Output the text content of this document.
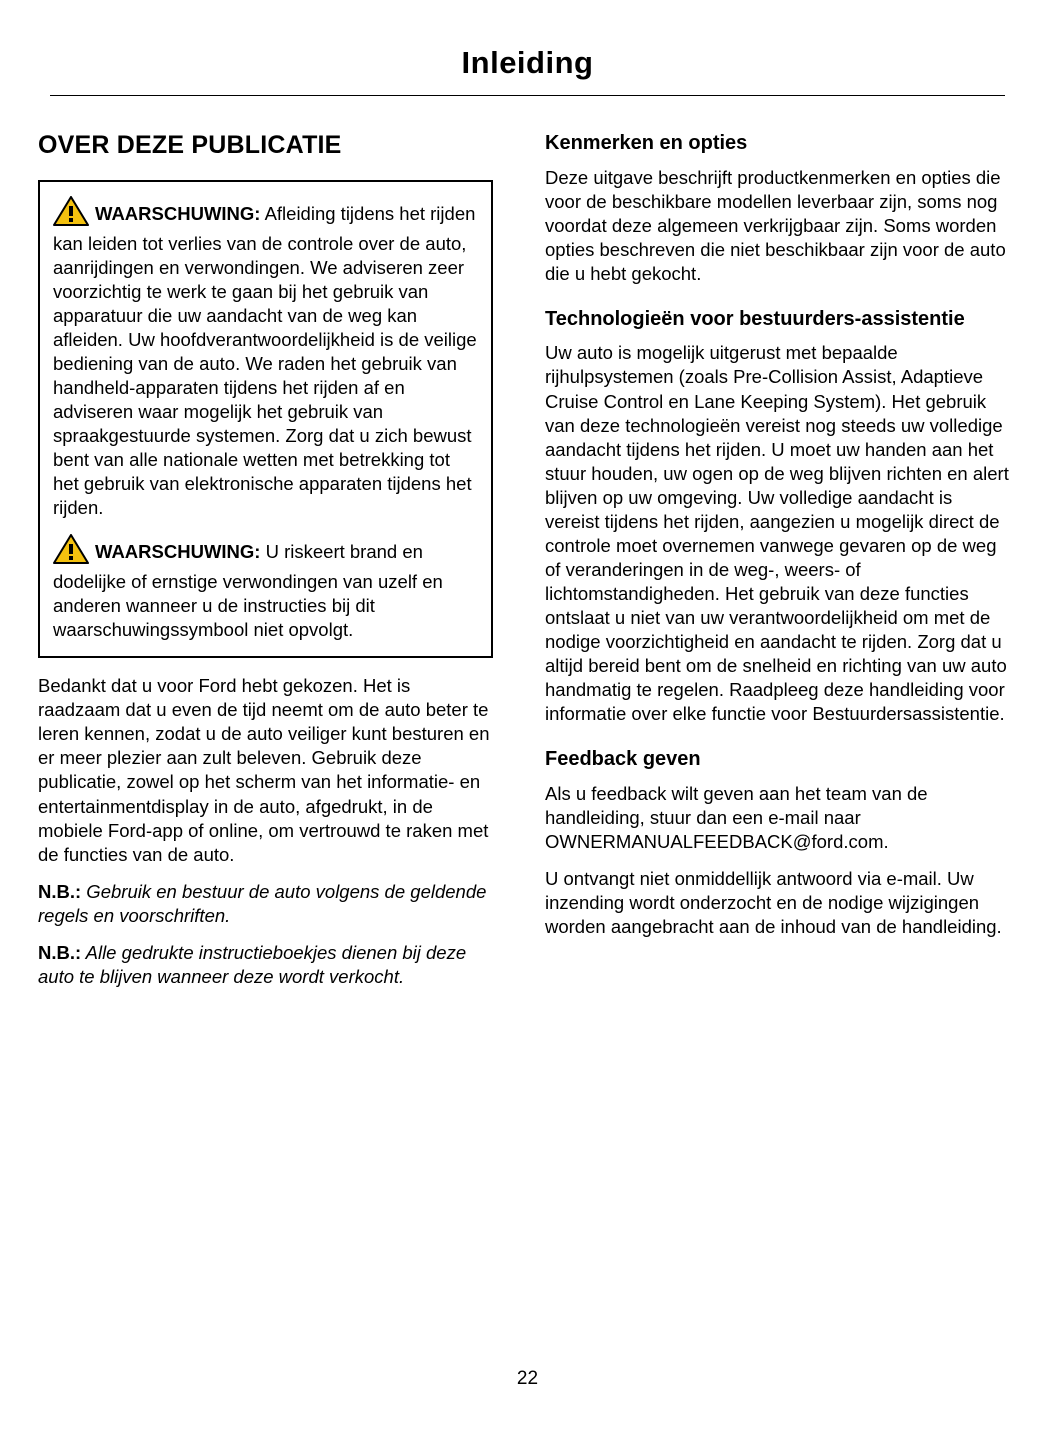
Inleiding
OVER DEZE PUBLICATIE

WAARSCHUWING: Afleiding tijdens het rijden kan leiden tot verlies van de controle over de auto, aanrijdingen en verwondingen. We adviseren zeer voorzichtig te werk te gaan bij het gebruik van apparatuur die uw aandacht van de weg kan afleiden. Uw hoofdverantwoordelijkheid is de veilige bediening van de auto. We raden het gebruik van handheld-apparaten tijdens het rijden af en adviseren waar mogelijk het gebruik van spraakgestuurde systemen. Zorg dat u zich bewust bent van alle nationale wetten met betrekking tot het gebruik van elektronische apparaten tijdens het rijden.

WAARSCHUWING: U riskeert brand en dodelijke of ernstige verwondingen van uzelf en anderen wanneer u de instructies bij dit waarschuwingssymbool niet opvolgt.

Bedankt dat u voor Ford hebt gekozen. Het is raadzaam dat u even de tijd neemt om de auto beter te leren kennen, zodat u de auto veiliger kunt besturen en er meer plezier aan zult beleven. Gebruik deze publicatie, zowel op het scherm van het informatie- en entertainmentdisplay in de auto, afgedrukt, in de mobiele Ford-app of online, om vertrouwd te raken met de functies van de auto.

N.B.: Gebruik en bestuur de auto volgens de geldende regels en voorschriften.

N.B.: Alle gedrukte instructieboekjes dienen bij deze auto te blijven wanneer deze wordt verkocht.

Kenmerken en opties

Deze uitgave beschrijft productkenmerken en opties die voor de beschikbare modellen leverbaar zijn, soms nog voordat deze algemeen verkrijgbaar zijn. Soms worden opties beschreven die niet beschikbaar zijn voor de auto die u hebt gekocht.

Technologieën voor bestuurders-assistentie

Uw auto is mogelijk uitgerust met bepaalde rijhulpsystemen (zoals Pre-Collision Assist, Adaptieve Cruise Control en Lane Keeping System). Het gebruik van deze technologieën vereist nog steeds uw volledige aandacht tijdens het rijden. U moet uw handen aan het stuur houden, uw ogen op de weg blijven richten en alert blijven op uw omgeving. Uw volledige aandacht is vereist tijdens het rijden, aangezien u mogelijk direct de controle moet overnemen vanwege gevaren op de weg of veranderingen in de weg-, weers- of lichtomstandigheden. Het gebruik van deze functies ontslaat u niet van uw verantwoordelijkheid om met de nodige voorzichtigheid en aandacht te rijden. Zorg dat u altijd bereid bent om de snelheid en richting van uw auto handmatig te regelen. Raadpleeg deze handleiding voor informatie over elke functie voor Bestuurdersassistentie.

Feedback geven

Als u feedback wilt geven aan het team van de handleiding, stuur dan een e-mail naar OWNERMANUALFEEDBACK@ford.com.

U ontvangt niet onmiddellijk antwoord via e-mail. Uw inzending wordt onderzocht en de nodige wijzigingen worden aangebracht aan de inhoud van de handleiding.

22
